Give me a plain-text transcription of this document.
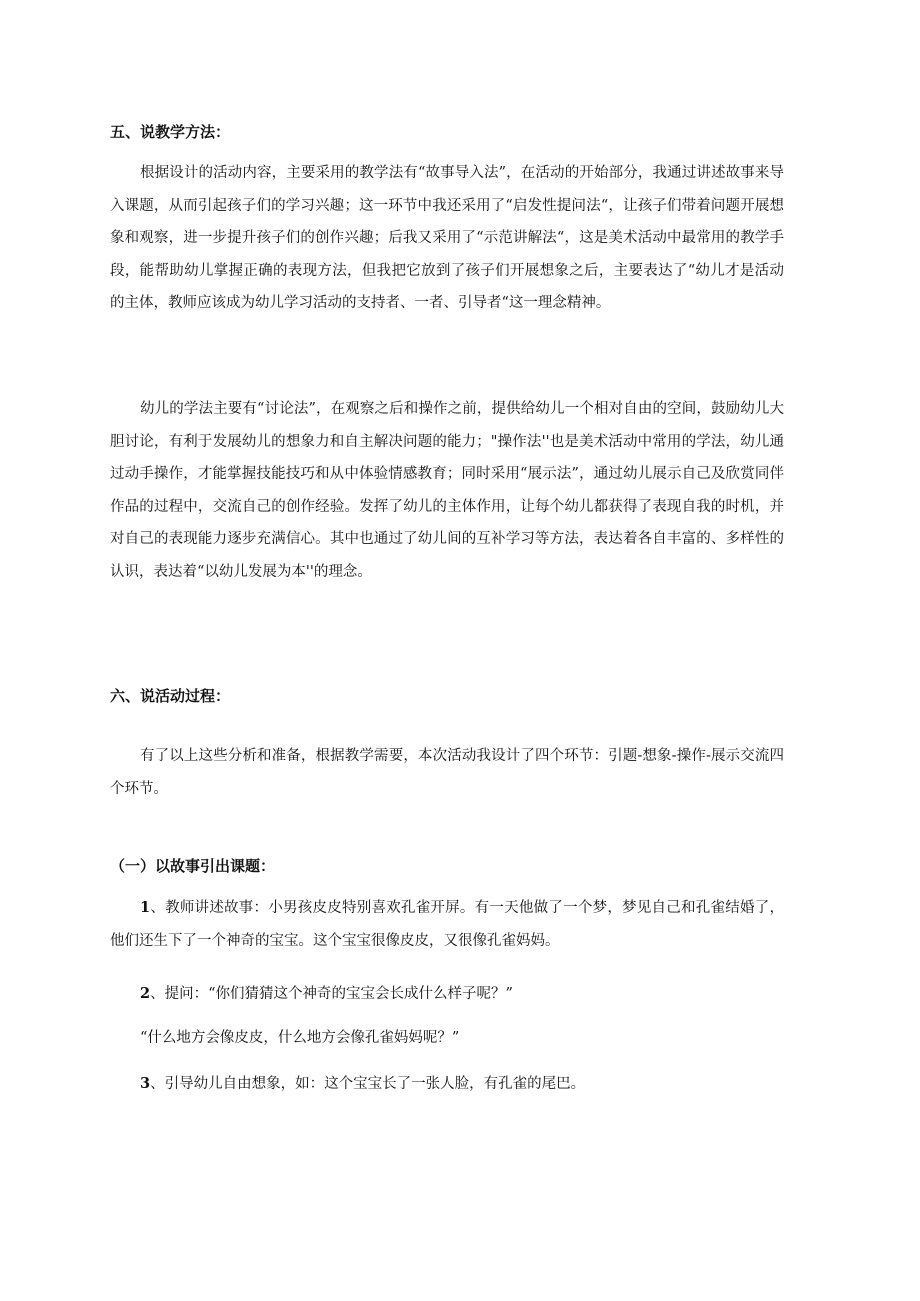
五、说教学方法：

根据设计的活动内容，主要采用的教学法有“故事导入法”，在活动的开始部分，我通过讲述故事来导入课题，从而引起孩子们的学习兴趣；这一环节中我还采用了“启发性提问法“，让孩子们带着问题开展想象和观察，进一步提升孩子们的创作兴趣；后我又采用了“示范讲解法“，这是美术活动中最常用的教学手段，能帮助幼儿掌握正确的表现方法，但我把它放到了孩子们开展想象之后，主要表达了“幼儿才是活动的主体，教师应该成为幼儿学习活动的支持者、一者、引导者“这一理念精神。

幼儿的学法主要有“讨论法”，在观察之后和操作之前，提供给幼儿一个相对自由的空间，鼓励幼儿大胆讨论，有利于发展幼儿的想象力和自主解决问题的能力；"操作法''也是美术活动中常用的学法，幼儿通过动手操作，才能掌握技能技巧和从中体验情感教育；同时采用“展示法”，通过幼儿展示自己及欣赏同伴作品的过程中，交流自己的创作经验。发挥了幼儿的主体作用，让每个幼儿都获得了表现自我的时机，并对自己的表现能力逐步充满信心。其中也通过了幼儿间的互补学习等方法，表达着各自丰富的、多样性的认识，表达着“以幼儿发展为本''的理念。

六、说活动过程：

有了以上这些分析和准备，根据教学需要，本次活动我设计了四个环节：引题-想象-操作-展示交流四个环节。

（一）以故事引出课题：

1、教师讲述故事：小男孩皮皮特别喜欢孔雀开屏。有一天他做了一个梦，梦见自己和孔雀结婚了，他们还生下了一个神奇的宝宝。这个宝宝很像皮皮，又很像孔雀妈妈。

2、提问：“你们猜猜这个神奇的宝宝会长成什么样子呢？”

“什么地方会像皮皮，什么地方会像孔雀妈妈呢？”

3、引导幼儿自由想象，如：这个宝宝长了一张人脸，有孔雀的尾巴。
